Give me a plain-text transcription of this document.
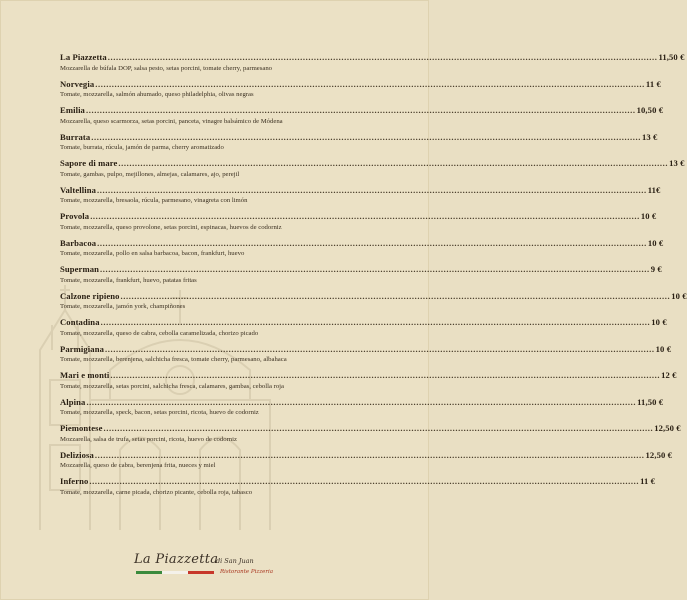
La Piazzetta ........................................................................................................................................................................................................ 11,50 €
Mozzarella de búfala DOP, salsa pesto, setas porcini, tomate cherry, parmesano
Norvegia ........................................................................................................................................................................................................ 11 €
Tomate, mozzarella, salmón ahumado, queso philadelphia, olivas negras
Emilia ........................................................................................................................................................................................................ 10,50 €
Mozzarella, queso scarmorza, setas porcini, panceta, vinagre balsámico de Módena
Burrata ........................................................................................................................................................................................................ 13 €
Tomate, burrata, rúcula, jamón de parma, cherry aromatizado
Sapore di mare ........................................................................................................................................................................................................ 13 €
Tomate, gambas, pulpo, mejillones, almejas, calamares, ajo, perejil
Valtellina ........................................................................................................................................................................................................ 11€
Tomate, mozzarella, bresaola, rúcula, parmesano, vinagreta con limón
Provola ........................................................................................................................................................................................................ 10 €
Tomate, mozzarella, queso provolone, setas porcini, espinacas, huevos de codorniz
Barbacoa ........................................................................................................................................................................................................ 10 €
Tomate, mozzarella, pollo en salsa barbacoa, bacon, frankfurt, huevo
Superman ........................................................................................................................................................................................................ 9 €
Tomate, mozzarella, frankfurt, huevo, patatas fritas
Calzone ripieno ........................................................................................................................................................................................................ 10 €
Tomate, mozzarella, jamón york, champiñones
Contadina ........................................................................................................................................................................................................ 10 €
Tomate, mozzarella, queso de cabra, cebolla caramelizada, chorizo picado
Parmigiana ........................................................................................................................................................................................................ 10 €
Tomate, mozzarella, berenjena, salchicha fresca, tomate cherry, parmesano, albahaca
Mari e monti ........................................................................................................................................................................................................ 12 €
Tomate, mozzarella, setas porcini, salchicha fresca, calamares, gambas, cebolla roja
Alpina ........................................................................................................................................................................................................ 11,50 €
Tomate, mozzarella, speck, bacon, setas porcini, ricota, huevo de codorniz
Piemontese ........................................................................................................................................................................................................ 12,50 €
Mozzarella, salsa de trufa, setas porcini, ricota, huevo de codorniz
Deliziosa ........................................................................................................................................................................................................ 12,50 €
Mozzarella, queso de cabra, berenjena frita, nueces y miel
Inferno ........................................................................................................................................................................................................ 11 €
Tomate, mozzarella, carne picada, chorizo picante, cebolla roja, tabasco
La Piazzetta
di San Juan
Ristorante Pizzeria
